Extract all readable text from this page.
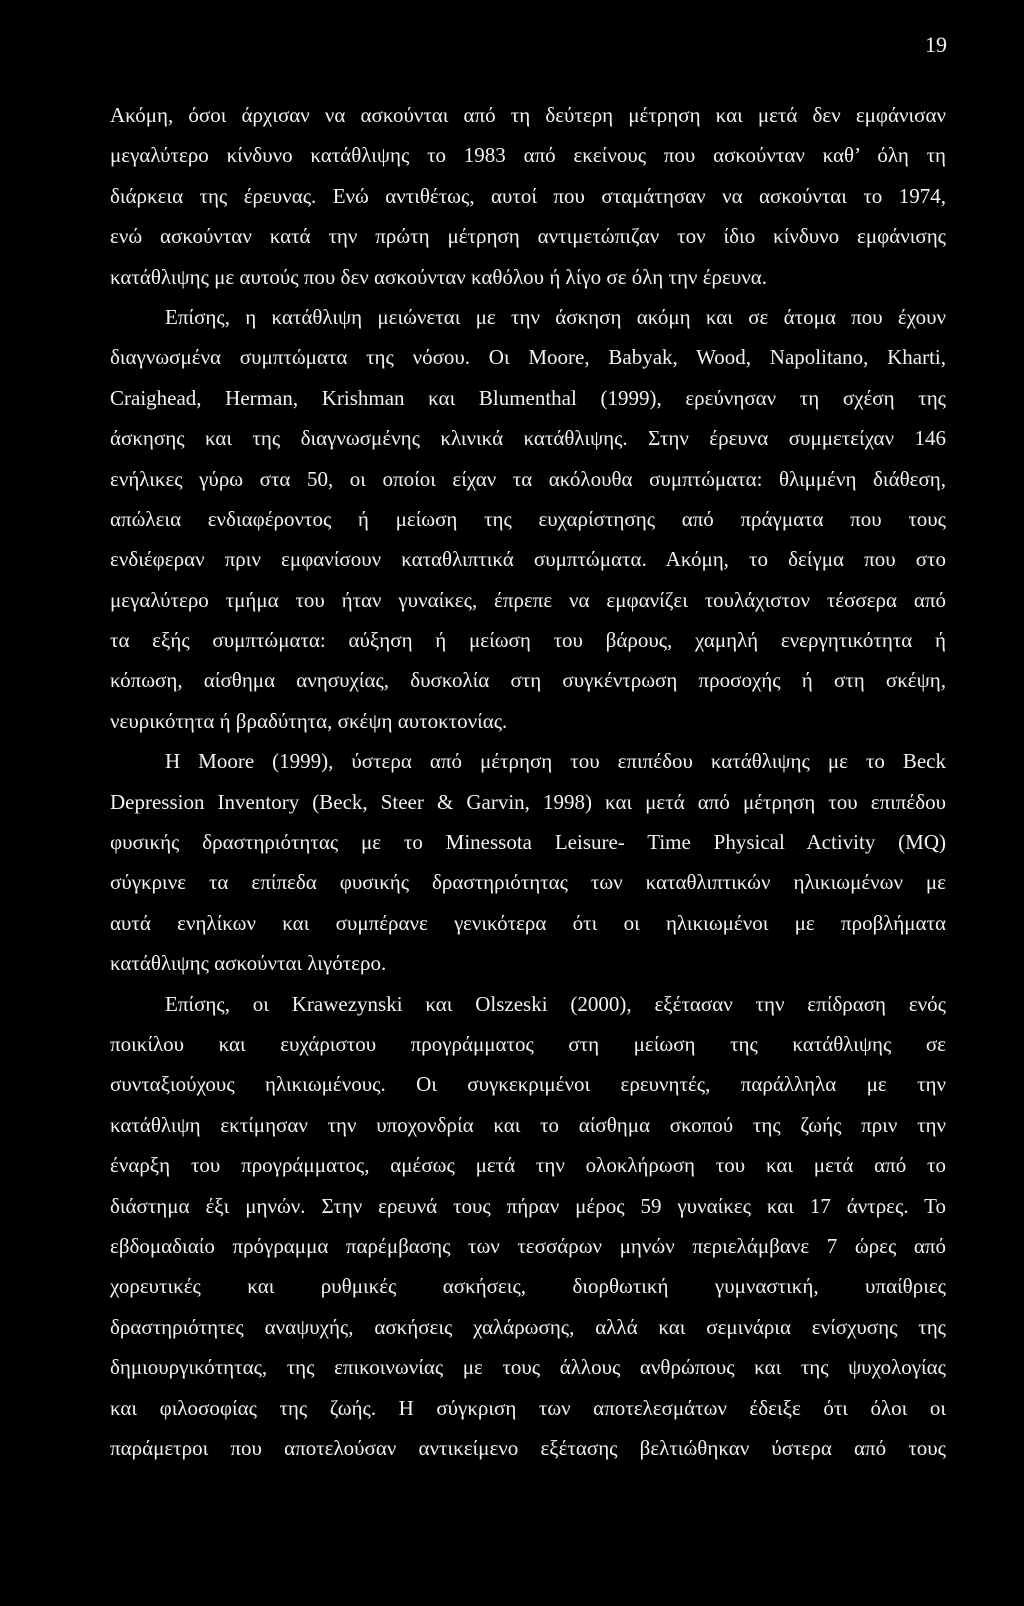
19
Ακόμη, όσοι άρχισαν να ασκούνται από τη δεύτερη μέτρηση και μετά δεν εμφάνισαν
μεγαλύτερο κίνδυνο κατάθλιψης το 1983 από εκείνους που ασκούνταν καθ’ όλη τη
διάρκεια της έρευνας. Ενώ αντιθέτως, αυτοί που σταμάτησαν να ασκούνται το 1974,
ενώ ασκούνταν κατά την πρώτη μέτρηση αντιμετώπιζαν τον ίδιο κίνδυνο εμφάνισης
κατάθλιψης με αυτούς που δεν ασκούνταν καθόλου ή λίγο σε όλη την έρευνα.
Επίσης, η κατάθλιψη μειώνεται με την άσκηση ακόμη και σε άτομα που έχουν
διαγνωσμένα συμπτώματα της νόσου. Οι Moore, Babyak, Wood, Napolitano, Kharti,
Craighead, Herman, Krishman και Blumenthal (1999), ερεύνησαν τη σχέση της
άσκησης και της διαγνωσμένης κλινικά κατάθλιψης. Στην έρευνα συμμετείχαν 146
ενήλικες γύρω στα 50, οι οποίοι είχαν τα ακόλουθα συμπτώματα: θλιμμένη διάθεση,
απώλεια ενδιαφέροντος ή μείωση της ευχαρίστησης από πράγματα που τους
ενδιέφεραν πριν εμφανίσουν καταθλιπτικά συμπτώματα. Ακόμη, το δείγμα που στο
μεγαλύτερο τμήμα του ήταν γυναίκες, έπρεπε να εμφανίζει τουλάχιστον τέσσερα από
τα εξής συμπτώματα: αύξηση ή μείωση του βάρους, χαμηλή ενεργητικότητα ή
κόπωση, αίσθημα ανησυχίας, δυσκολία στη συγκέντρωση προσοχής ή στη σκέψη,
νευρικότητα ή βραδύτητα, σκέψη αυτοκτονίας.
Η Moore (1999), ύστερα από μέτρηση του επιπέδου κατάθλιψης με το Beck
Depression Inventory (Beck, Steer & Garvin, 1998) και μετά από μέτρηση του επιπέδου
φυσικής δραστηριότητας με το Minessota Leisure- Time Physical Activity (MQ)
σύγκρινε τα επίπεδα φυσικής δραστηριότητας των καταθλιπτικών ηλικιωμένων με
αυτά ενηλίκων και συμπέρανε γενικότερα ότι οι ηλικιωμένοι με προβλήματα
κατάθλιψης ασκούνται λιγότερο.
Επίσης, οι Krawezynski και Olszeski (2000), εξέτασαν την επίδραση ενός
ποικίλου και ευχάριστου προγράμματος στη μείωση της κατάθλιψης σε
συνταξιούχους ηλικιωμένους. Οι συγκεκριμένοι ερευνητές, παράλληλα με την
κατάθλιψη εκτίμησαν την υποχονδρία και το αίσθημα σκοπού της ζωής πριν την
έναρξη του προγράμματος, αμέσως μετά την ολοκλήρωση του και μετά από το
διάστημα έξι μηνών. Στην ερευνά τους πήραν μέρος 59 γυναίκες και 17 άντρες. Το
εβδομαδιαίο πρόγραμμα παρέμβασης των τεσσάρων μηνών περιελάμβανε 7 ώρες από
χορευτικές και ρυθμικές ασκήσεις, διορθωτική γυμναστική, υπαίθριες
δραστηριότητες αναψυχής, ασκήσεις χαλάρωσης, αλλά και σεμινάρια ενίσχυσης της
δημιουργικότητας, της επικοινωνίας με τους άλλους ανθρώπους και της ψυχολογίας
και φιλοσοφίας της ζωής. Η σύγκριση των αποτελεσμάτων έδειξε ότι όλοι οι
παράμετροι που αποτελούσαν αντικείμενο εξέτασης βελτιώθηκαν ύστερα από τους
